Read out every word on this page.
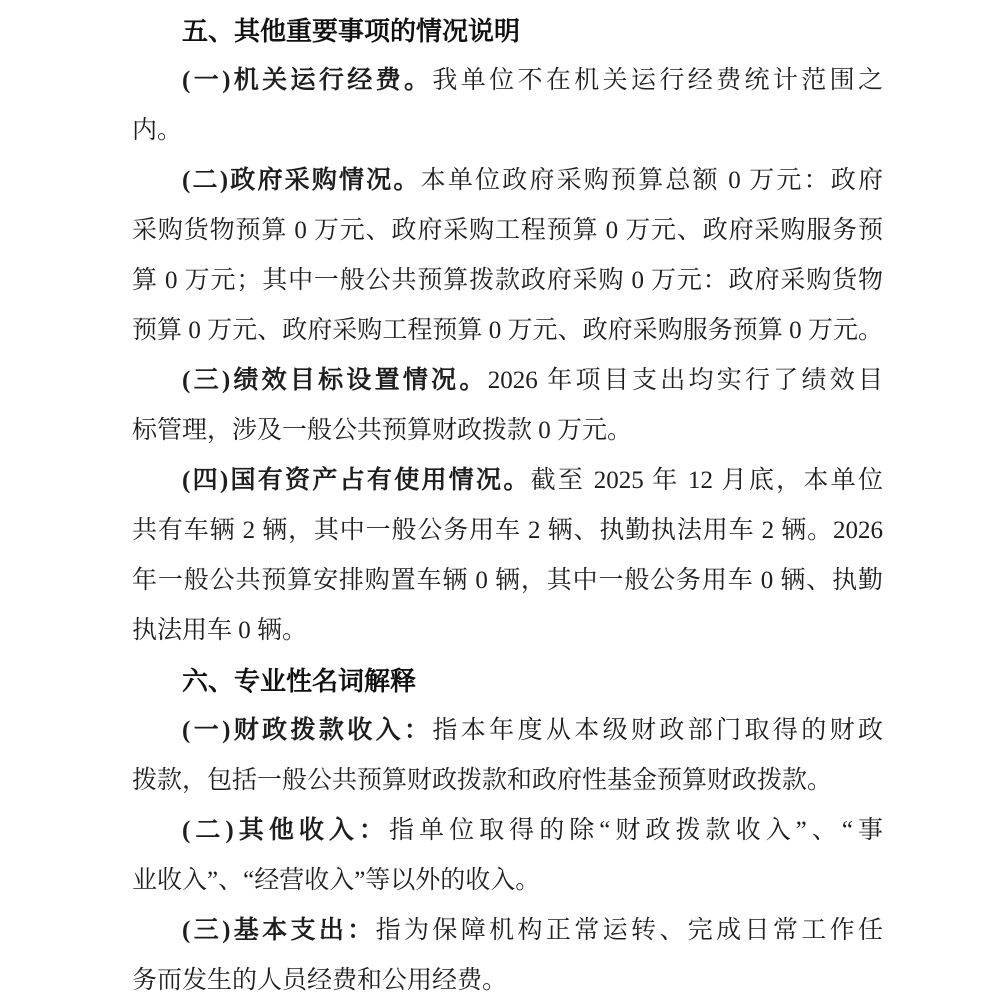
五、其他重要事项的情况说明
(一)机关运行经费。我单位不在机关运行经费统计范围之
内。
(二)政府采购情况。本单位政府采购预算总额 0 万元：政府
采购货物预算 0 万元、政府采购工程预算 0 万元、政府采购服务预
算 0 万元；其中一般公共预算拨款政府采购 0 万元：政府采购货物
预算 0 万元、政府采购工程预算 0 万元、政府采购服务预算 0 万元。
(三)绩效目标设置情况。2026 年项目支出均实行了绩效目
标管理，涉及一般公共预算财政拨款 0 万元。
(四)国有资产占有使用情况。截至 2025 年 12 月底，本单位
共有车辆 2 辆，其中一般公务用车 2 辆、执勤执法用车 2 辆。2026
年一般公共预算安排购置车辆 0 辆，其中一般公务用车 0 辆、执勤
执法用车 0 辆。
六、专业性名词解释
(一)财政拨款收入：指本年度从本级财政部门取得的财政
拨款，包括一般公共预算财政拨款和政府性基金预算财政拨款。
(二)其他收入：指单位取得的除“财政拨款收入”、“事
业收入”、“经营收入”等以外的收入。
(三)基本支出：指为保障机构正常运转、完成日常工作任
务而发生的人员经费和公用经费。
